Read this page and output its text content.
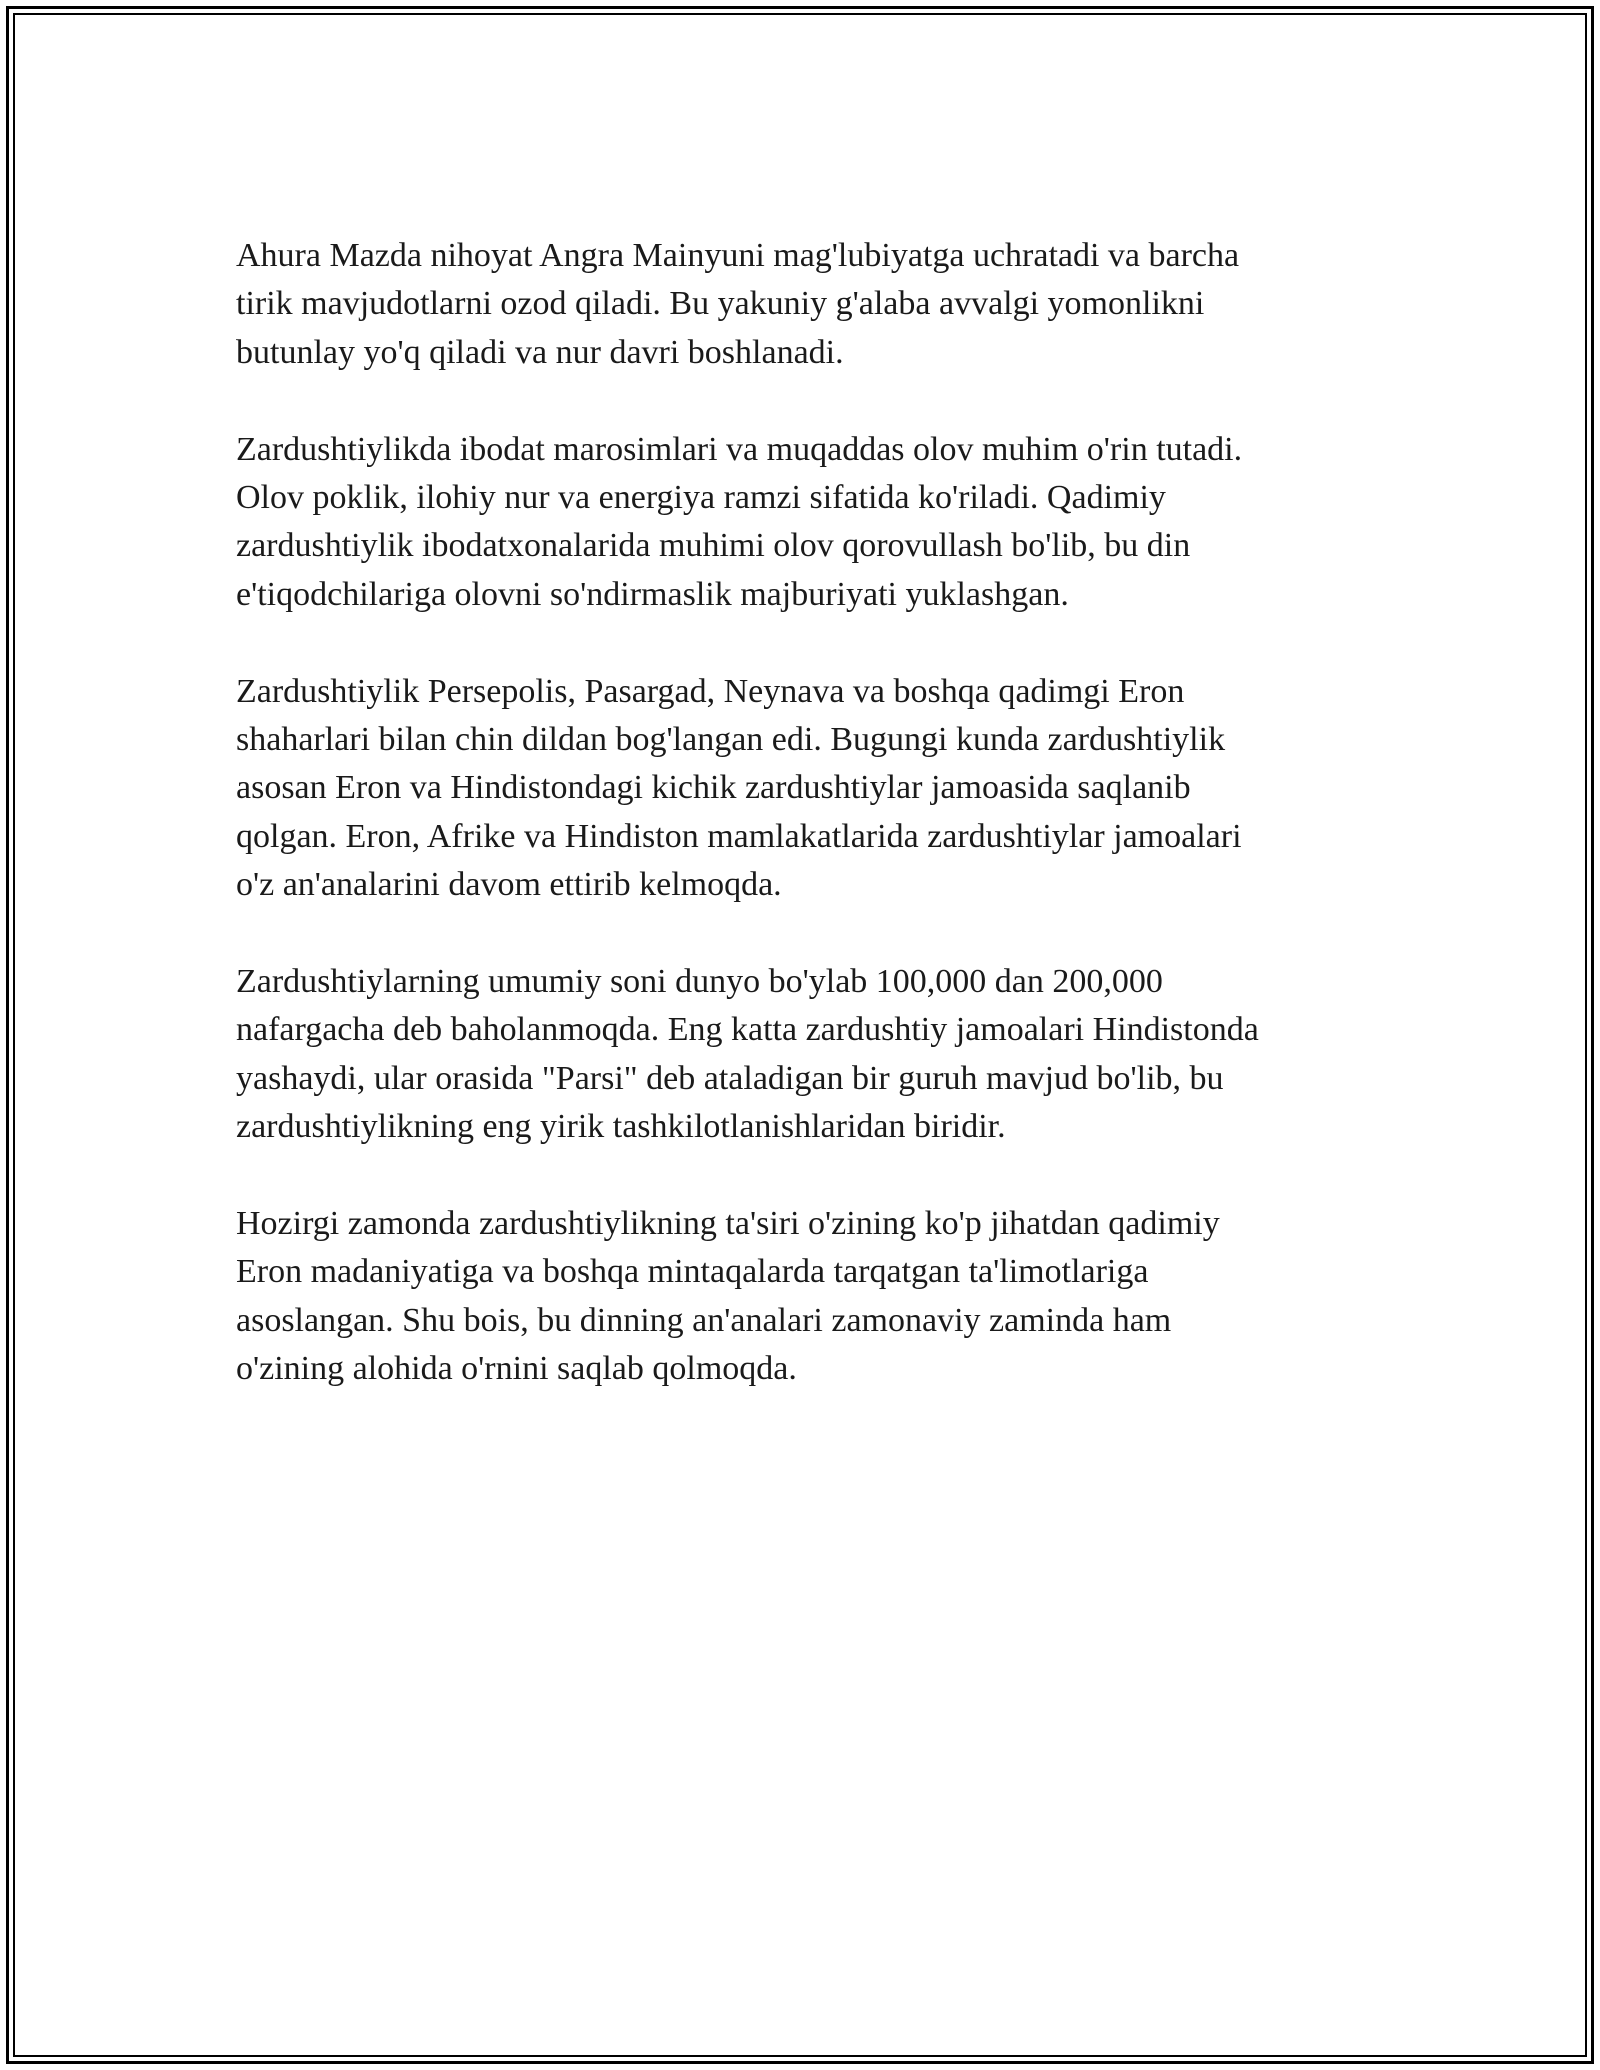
Ahura Mazda nihoyat Angra Mainyuni mag'lubiyatga uchratadi va barcha
tirik mavjudotlarni ozod qiladi. Bu yakuniy g'alaba avvalgi yomonlikni
butunlay yo'q qiladi va nur davri boshlanadi.

Zardushtiylikda ibodat marosimlari va muqaddas olov muhim o'rin tutadi.
Olov poklik, ilohiy nur va energiya ramzi sifatida ko'riladi. Qadimiy
zardushtiylik ibodatxonalarida muhimi olov qorovullash bo'lib, bu din
e'tiqodchilariga olovni so'ndirmaslik majburiyati yuklashgan.

Zardushtiylik Persepolis, Pasargad, Neynava va boshqa qadimgi Eron
shaharlari bilan chin dildan bog'langan edi. Bugungi kunda zardushtiylik
asosan Eron va Hindistondagi kichik zardushtiylar jamoasida saqlanib
qolgan. Eron, Afrike va Hindiston mamlakatlarida zardushtiylar jamoalari
o'z an'analarini davom ettirib kelmoqda.

Zardushtiylarning umumiy soni dunyo bo'ylab 100,000 dan 200,000
nafargacha deb baholanmoqda. Eng katta zardushtiy jamoalari Hindistonda
yashaydi, ular orasida "Parsi" deb ataladigan bir guruh mavjud bo'lib, bu
zardushtiylikning eng yirik tashkilotlanishlaridan biridir.

Hozirgi zamonda zardushtiylikning ta'siri o'zining ko'p jihatdan qadimiy
Eron madaniyatiga va boshqa mintaqalarda tarqatgan ta'limotlariga
asoslangan. Shu bois, bu dinning an'analari zamonaviy zaminda ham
o'zining alohida o'rnini saqlab qolmoqda.
